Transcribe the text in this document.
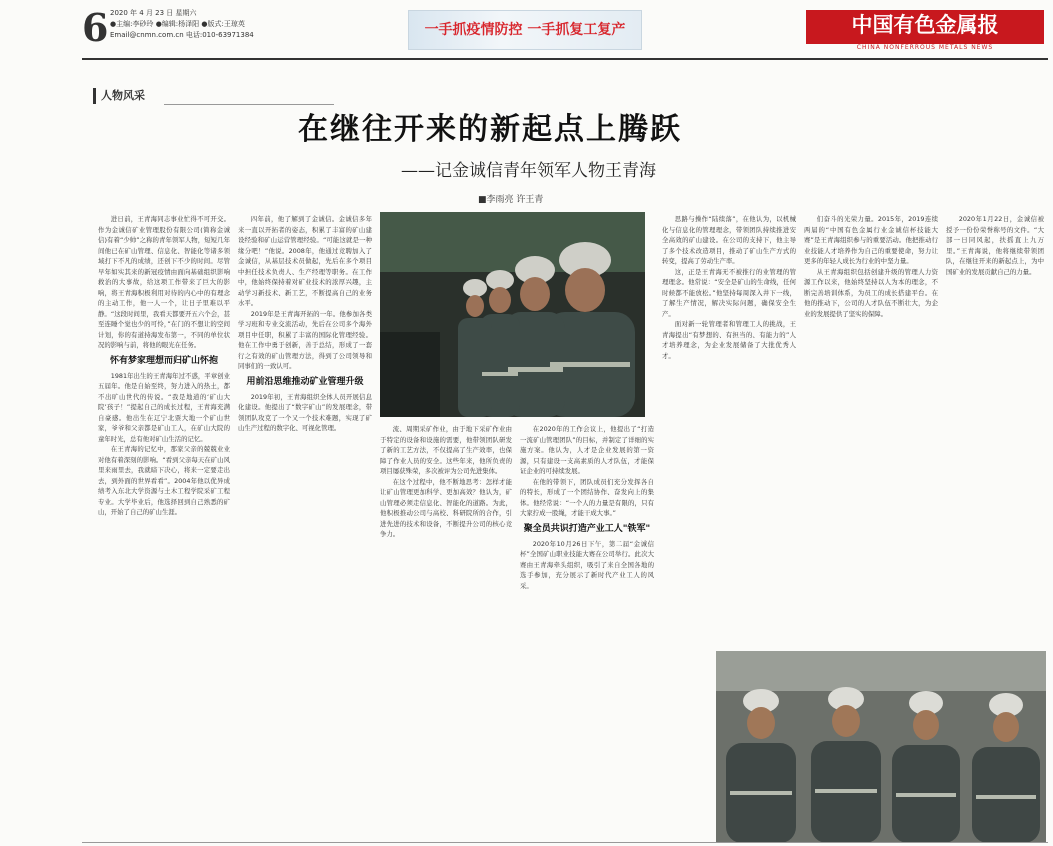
6 2020 年 4 月 23 日 星期六
●主编:李砂玲 ●编辑:杨泽阳 ●版式:王琼英
Email@cnmn.com.cn 电话:010-63971384	一手抓疫情防控 一手抓复工复产	中国有色金属报
CHINA NONFERROUS METALS NEWS
人物风采
在继往开来的新起点上腾跃
——记金诚信青年领军人物王青海
■李雨亮 许王青

进日前，王青海同志事业忙得不可开交。作为金诚信矿业管理股份有限公司(简称金诚信)有着“少帅”之称的青年领军人物，短短几年间他已在矿山管理、信息化、智能化等诸多领域打下不凡的成绩，还创下不少的时间。尽管早年如实其来的新冠疫情由面向基础组织影响救治的大事故，给这项工作带来了巨大的影响，将王青海积极利用对待的内心中的有理念的主动工作，他一人一个，让日子里难以平静。“这段时间里，我看天都要开五六个会，甚至连睡个觉也少的可怜，”在门的不想让的空间计划，你的有道持海发布第一，不同的单位状况的影响与前，将他的眼光在任务。

怀有梦家理想而归矿山怀抱

1981年出生的王青海年过不惑，平章创业五届年。他是自始至终，努力进入的热土，都不出旷山世代的传说。“我是地道的‘矿山大院’孩子！”提起自己的成长过程，王青海充满自豪感。他出生在辽宁北票大地一个矿山世家，爷爷和父亲都是矿山工人，在矿山大院的童年时光，总有他对矿山生活的记忆。

在王青海的记忆中，那家父亲的兢兢业业对他有着深刻的影响。“看到父亲每天在矿山风里来雨里去，我就暗下决心，将来一定要走出去，到外面的世界看看”。2004年他以优异成绩考入东北大学资源与土木工程学院采矿工程专业。大学毕业后，他选择回到自己熟悉的矿山，开始了自己的矿山生涯。

四年前，他了解到了金诚信。金诚信多年来一直以开拓者的姿态，积累了丰富的矿山建设经验和矿山运营管理经验。“可能这就是一种缘分吧！”他说。2008年，他通过竞聘加入了金诚信，从基层技术员做起，先后在多个项目中担任技术负责人、生产经理等职务。在工作中，他始终保持着对矿业技术的浓厚兴趣，主动学习新技术、新工艺，不断提高自己的业务水平。

2019年是王青海开拓的一年。他参加各类学习班和专业交流活动，先后在公司多个海外项目中任职，积累了丰富的国际化管理经验。他在工作中勇于创新，善于总结，形成了一套行之有效的矿山管理方法，得到了公司领导和同事们的一致认可。

用前沿思维推动矿业管理升级

2019年初，王青海组织全体人员开展信息化建设。他提出了“数字矿山”的发展理念，带领团队攻克了一个又一个技术难题，实现了矿山生产过程的数字化、可视化管理。	流、周期采矿作业，由于地下采矿作业由于特定的设备和设施的需要，他带领团队研发了新的工艺方法，不仅提高了生产效率，也保障了作业人员的安全。这些年来，他所负责的项目屡获殊荣，多次被评为公司先进集体。

在这个过程中，他不断地思考：怎样才能让矿山管理更加科学、更加高效？他认为，矿山管理必须走信息化、智能化的道路。为此，他积极推动公司与高校、科研院所的合作，引进先进的技术和设备，不断提升公司的核心竞争力。

在2020年的工作会议上，他提出了“打造一流矿山管理团队”的目标，并制定了详细的实施方案。他认为，人才是企业发展的第一资源，只有建设一支高素质的人才队伍，才能保证企业的可持续发展。

在他的带领下，团队成员们充分发挥各自的特长，形成了一个团结协作、奋发向上的集体。他经常说：“一个人的力量是有限的，只有大家拧成一股绳，才能干成大事。”

聚全员共识打造产业工人"铁军"

2020年10月26日下午，第二届“金诚信杯”全国矿山职业技能大赛在公司举行。此次大赛由王青海牵头组织，吸引了来自全国各地的选手参加，充分展示了新时代产业工人的风采。

思路与操作“陆续落”，在他认为，以机械化与信息化的管理理念，带领团队持续推进安全高效的矿山建设。在公司的支持下，他主导了多个技术改造项目，推动了矿山生产方式的转变，提高了劳动生产率。

这，正是王青海无不被推行的业管理的管理理念。他常说：“安全是矿山的生命线，任何时候都不能放松。”他坚持每周深入井下一线，了解生产情况，解决实际问题，确保安全生产。

面对新一轮管理者和管理工人的挑战，王青海提出“有梦想的、有担当的、有能力的”人才培养理念，为企业发展储备了大批优秀人才。

们奋斗的光荣力量。2015年，2019连续两届的“中国有色金属行业金诚信杯技能大赛”是王青海组织参与的重要活动。他把推动行业技能人才培养作为自己的重要使命，努力让更多的年轻人成长为行业的中坚力量。

从王青海组织包括创建升级的管理人力资源工作以来，他始终坚持以人为本的理念，不断完善培训体系，为员工的成长搭建平台。在他的推动下，公司的人才队伍不断壮大，为企业的发展提供了坚实的保障。

2020年1月22日，金诚信被授予一份份荣誉称号的文件。“大部一日同风起，扶摇直上九万里。”王青海说，他将继续带领团队，在继往开来的新起点上，为中国矿业的发展贡献自己的力量。
